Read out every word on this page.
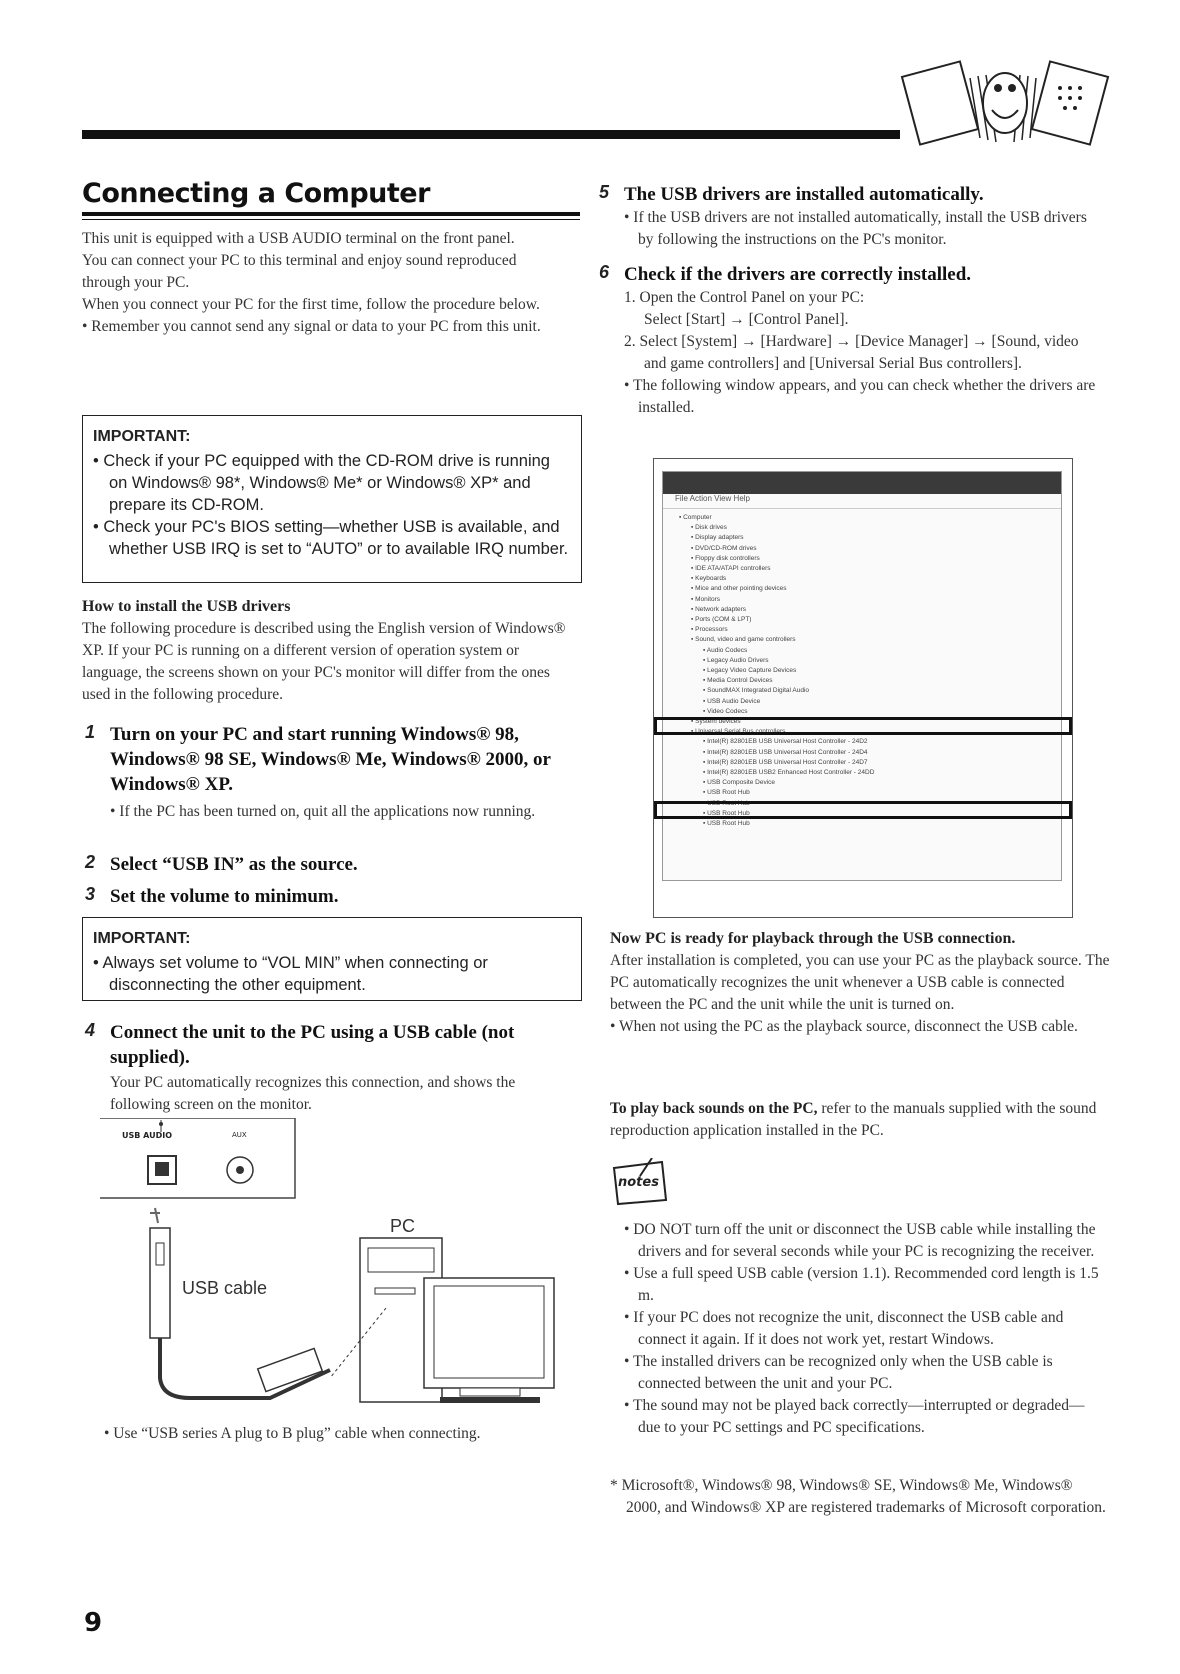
Connecting a Computer

This unit is equipped with a USB AUDIO terminal on the front panel.

You can connect your PC to this terminal and enjoy sound reproduced through your PC.

When you connect your PC for the first time, follow the procedure below.

• Remember you cannot send any signal or data to your PC from this unit.

IMPORTANT:

• Check if your PC equipped with the CD-ROM drive is running on Windows® 98*, Windows® Me* or Windows® XP* and prepare its CD-ROM.

• Check your PC's BIOS setting—whether USB is available, and whether USB IRQ is set to “AUTO” or to available IRQ number.

How to install the USB drivers

The following procedure is described using the English version of Windows® XP. If your PC is running on a different version of operation system or language, the screens shown on your PC's monitor will differ from the ones used in the following procedure.

1 Turn on your PC and start running Windows® 98, Windows® 98 SE, Windows® Me, Windows® 2000, or Windows® XP.

• If the PC has been turned on, quit all the applications now running.

2 Select “USB IN” as the source.
3 Set the volume to minimum.
IMPORTANT:

• Always set volume to “VOL MIN” when connecting or disconnecting the other equipment.

4 Connect the unit to the PC using a USB cable (not supplied).

Your PC automatically recognizes this connection, and shows the following screen on the monitor.

USB AUDIO	AUX
PC
USB cable
• Use “USB series A plug to B plug” cable when connecting.
5 The USB drivers are installed automatically.

• If the USB drivers are not installed automatically, install the USB drivers by following the instructions on the PC's monitor.

6 Check if the drivers are correctly installed.

1. Open the Control Panel on your PC:

Select [Start] → [Control Panel].

2. Select [System] → [Hardware] → [Device Manager] → [Sound, video and game controllers] and [Universal Serial Bus controllers].

• The following window appears, and you can check whether the drivers are installed.

File Action View Help
▪ Computer
▪ Disk drives
▪ Display adapters
▪ DVD/CD-ROM drives
▪ Floppy disk controllers
▪ IDE ATA/ATAPI controllers
▪ Keyboards
▪ Mice and other pointing devices
▪ Monitors
▪ Network adapters
▪ Ports (COM & LPT)
▪ Processors
▪ Sound, video and game controllers
▪ Audio Codecs
▪ Legacy Audio Drivers
▪ Legacy Video Capture Devices
▪ Media Control Devices
▪ SoundMAX Integrated Digital Audio
▪ USB Audio Device
▪ Video Codecs
▪ System devices
▪ Universal Serial Bus controllers
▪ Intel(R) 82801EB USB Universal Host Controller - 24D2
▪ Intel(R) 82801EB USB Universal Host Controller - 24D4
▪ Intel(R) 82801EB USB Universal Host Controller - 24D7
▪ Intel(R) 82801EB USB2 Enhanced Host Controller - 24DD
▪ USB Composite Device
▪ USB Root Hub
▪ USB Root Hub
▪ USB Root Hub
▪ USB Root Hub

Now PC is ready for playback through the USB connection.

After installation is completed, you can use your PC as the playback source. The PC automatically recognizes the unit whenever a USB cable is connected between the PC and the unit while the unit is turned on.

• When not using the PC as the playback source, disconnect the USB cable.

To play back sounds on the PC, refer to the manuals supplied with the sound reproduction application installed in the PC.
notes

• DO NOT turn off the unit or disconnect the USB cable while installing the drivers and for several seconds while your PC is recognizing the receiver.

• Use a full speed USB cable (version 1.1). Recommended cord length is 1.5 m.

• If your PC does not recognize the unit, disconnect the USB cable and connect it again. If it does not work yet, restart Windows.

• The installed drivers can be recognized only when the USB cable is connected between the unit and your PC.

• The sound may not be played back correctly—interrupted or degraded—due to your PC settings and PC specifications.

* Microsoft®, Windows® 98, Windows® SE, Windows® Me, Windows® 2000, and Windows® XP are registered trademarks of Microsoft corporation.
9
